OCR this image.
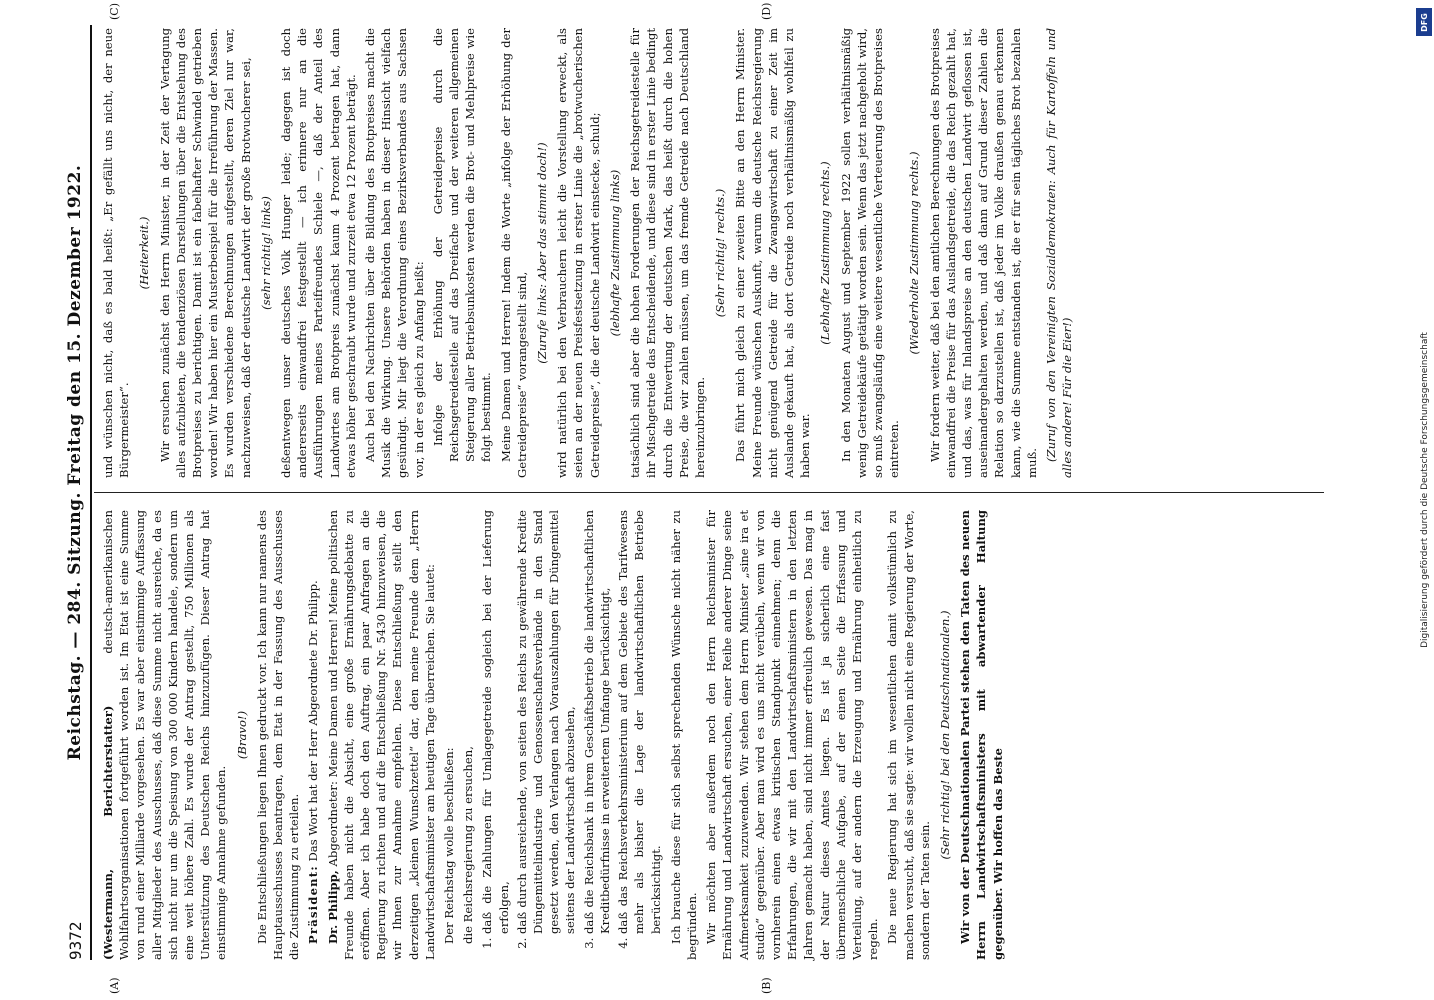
9372
Reichstag. — 284. Sitzung. Freitag den 15. Dezember 1922.
(A)	(B)
(C)	(D)

(Westermann, Berichterstatter) deutsch-amerikanischen Wohlfahrtsorganisationen fortgeführt worden ist. Im Etat ist eine Summe von rund einer Milliarde vorgesehen. Es war aber einstimmige Auffassung aller Mitglieder des Ausschusses, daß diese Summe nicht ausreiche, da es sich nicht nur um die Speisung von 300 000 Kindern handele, sondern um eine weit höhere Zahl. Es wurde der Antrag gestellt, 750 Millionen als Unterstützung des Deutschen Reichs hinzuzufügen. Dieser Antrag hat einstimmige Annahme gefunden.

(Bravo!) Die Entschließungen liegen Ihnen gedruckt vor. Ich kann nur namens des Hauptausschusses beantragen, dem Etat in der Fassung des Ausschusses die Zustimmung zu erteilen. Präsident: Das Wort hat der Herr Abgeordnete Dr. Philipp.

Dr. Philipp, Abgeordneter: Meine Damen und Herren! Meine politischen Freunde haben nicht die Absicht, eine große Ernährungsdebatte zu eröffnen. Aber ich habe doch den Auftrag, ein paar Anfragen an die Regierung zu richten und auf die Entschließung Nr. 5430 hinzuweisen, die wir Ihnen zur Annahme empfehlen. Diese Entschließung stellt den derzeitigen „kleinen Wunschzettel“ dar, den meine Freunde dem „Herrn Landwirtschaftsminister am heutigen Tage überreichen. Sie lautet: Der Reichstag wolle beschließen: die Reichsregierung zu ersuchen, 1. daß die Zahlungen für Umlagegetreide sogleich bei der Lieferung erfolgen, 2. daß durch ausreichende, von seiten des Reichs zu gewährende Kredite Düngemittelindustrie und Genossenschaftsverbände in den Stand gesetzt werden, den Verlangen nach Vorauszahlungen für Düngemittel seitens der Landwirtschaft abzusehen, 3. daß die Reichsbank in ihrem Geschäftsbetrieb die landwirtschaftlichen Kreditbedürfnisse in erweitertem Umfange berücksichtigt, 4. daß das Reichsverkehrsministerium auf dem Gebiete des Tarifwesens mehr als bisher die Lage der landwirtschaftlichen Betriebe berücksichtigt. Ich brauche diese für sich selbst sprechenden Wünsche nicht näher zu begründen. Wir möchten aber außerdem noch den Herrn Reichsminister für Ernährung und Landwirtschaft ersuchen, einer Reihe anderer Dinge seine Aufmerksamkeit zuzuwenden. Wir stehen dem Herrn Minister „sine ira et studio“ gegenüber. Aber man wird es uns nicht verübeln, wenn wir von vornherein einen etwas kritischen Standpunkt einnehmen; denn die Erfahrungen, die wir mit den Landwirtschaftsministern in den letzten Jahren gemacht haben, sind nicht immer erfreulich gewesen. Das mag in der Natur dieses Amtes liegen. Es ist ja sicherlich eine fast übermenschliche Aufgabe, auf der einen Seite die Erfassung und Verteilung, auf der andern die Erzeugung und Ernährung einheitlich zu regeln. Die neue Regierung hat sich im wesentlichen damit volkstümlich zu machen versucht, daß sie sagte: wir wollen nicht eine Regierung der Worte, sondern der Taten sein.

(Sehr richtig! bei den Deutschnationalen.) Wir von der Deutschnationalen Partei stehen den Taten des neuen Herrn Landwirtschaftsministers mit abwartender Haltung gegenüber. Wir hoffen das Beste

und wünschen nicht, daß es bald heißt: „Er gefällt uns nicht, der neue Bürgermeister“.

(Heiterkeit.) Wir ersuchen zunächst den Herrn Minister, in der Zeit der Vertagung alles aufzubieten, die tendenziösen Darstellungen über die Entstehung des Brotpreises zu berichtigen. Damit ist ein fabelhafter Schwindel getrieben worden! Wir haben hier ein Musterbeispiel für die Irreführung der Massen. Es wurden verschiedene Berechnungen aufgestellt, deren Ziel nur war, nachzuweisen, daß der deutsche Landwirt der große Brotwucherer sei, (sehr richtig! links) deßentwegen unser deutsches Volk Hunger leide; dagegen ist doch andererseits einwandfrei festgestellt — ich erinnere nur an die Ausführungen meines Parteifreundes Schiele —, daß der Anteil des Landwirtes am Brotpreis zunächst kaum 4 Prozent betragen hat, dann etwas höher geschraubt wurde und zurzeit etwa 12 Prozent beträgt. Auch bei den Nachrichten über die Bildung des Brotpreises macht die Musik die Wirkung. Unsere Behörden haben in dieser Hinsicht vielfach gesündigt. Mir liegt die Verordnung eines Bezirksverbandes aus Sachsen vor, in der es gleich zu Anfang heißt: Infolge der Erhöhung der Getreidepreise durch die Reichsgetreidestelle auf das Dreifache und der weiteren allgemeinen Steigerung aller Betriebsunkosten werden die Brot- und Mehlpreise wie folgt bestimmt. Meine Damen und Herren! Indem die Worte „infolge der Erhöhung der Getreidepreise“ vorangestellt sind,

(Zurufe links: Aber das stimmt doch!) wird natürlich bei den Verbrauchern leicht die Vorstellung erweckt, als seien an der neuen Preisfestsetzung in erster Linie die „brotwucherischen Getreidepreise“, die der deutsche Landwirt einstecke, schuld; (lebhafte Zustimmung links) tatsächlich sind aber die hohen Forderungen der Reichsgetreidestelle für ihr Mischgetreide das Entscheidende, und diese sind in erster Linie bedingt durch die Entwertung der deutschen Mark, das heißt durch die hohen Preise, die wir zahlen müssen, um das fremde Getreide nach Deutschland hereinzubringen.

(Sehr richtig! rechts.) Das führt mich gleich zu einer zweiten Bitte an den Herrn Minister. Meine Freunde wünschen Auskunft, warum die deutsche Reichsregierung nicht genügend Getreide für die Zwangswirtschaft zu einer Zeit im Auslande gekauft hat, als dort Getreide noch verhältnismäßig wohlfeil zu haben war.

(Lebhafte Zustimmung rechts.) In den Monaten August und September 1922 sollen verhältnismäßig wenig Getreidekäufe getätigt worden sein. Wenn das jetzt nachgeholt wird, so muß zwangsläufig eine weitere wesentliche Verteuerung des Brotpreises eintreten.

(Wiederholte Zustimmung rechts.) Wir fordern weiter, daß bei den amtlichen Berechnungen des Brotpreises einwandfrei die Preise für das Auslandsgetreide, die das Reich gezahlt hat, und das, was für Inlandspreise an den deutschen Landwirt geflossen ist, auseinandergehalten werden, und daß dann auf Grund dieser Zahlen die Relation so darzustellen ist, daß jeder im Volke draußen genau erkennen kann, wie die Summe entstanden ist, die er für sein tägliches Brot bezahlen muß.

(Zuruf von den Vereinigten Sozialdemokraten: Auch für Kartoffeln und alles andere! Für die Eier!)

DFG
Digitalisierung gefördert durch die Deutsche Forschungsgemeinschaft
